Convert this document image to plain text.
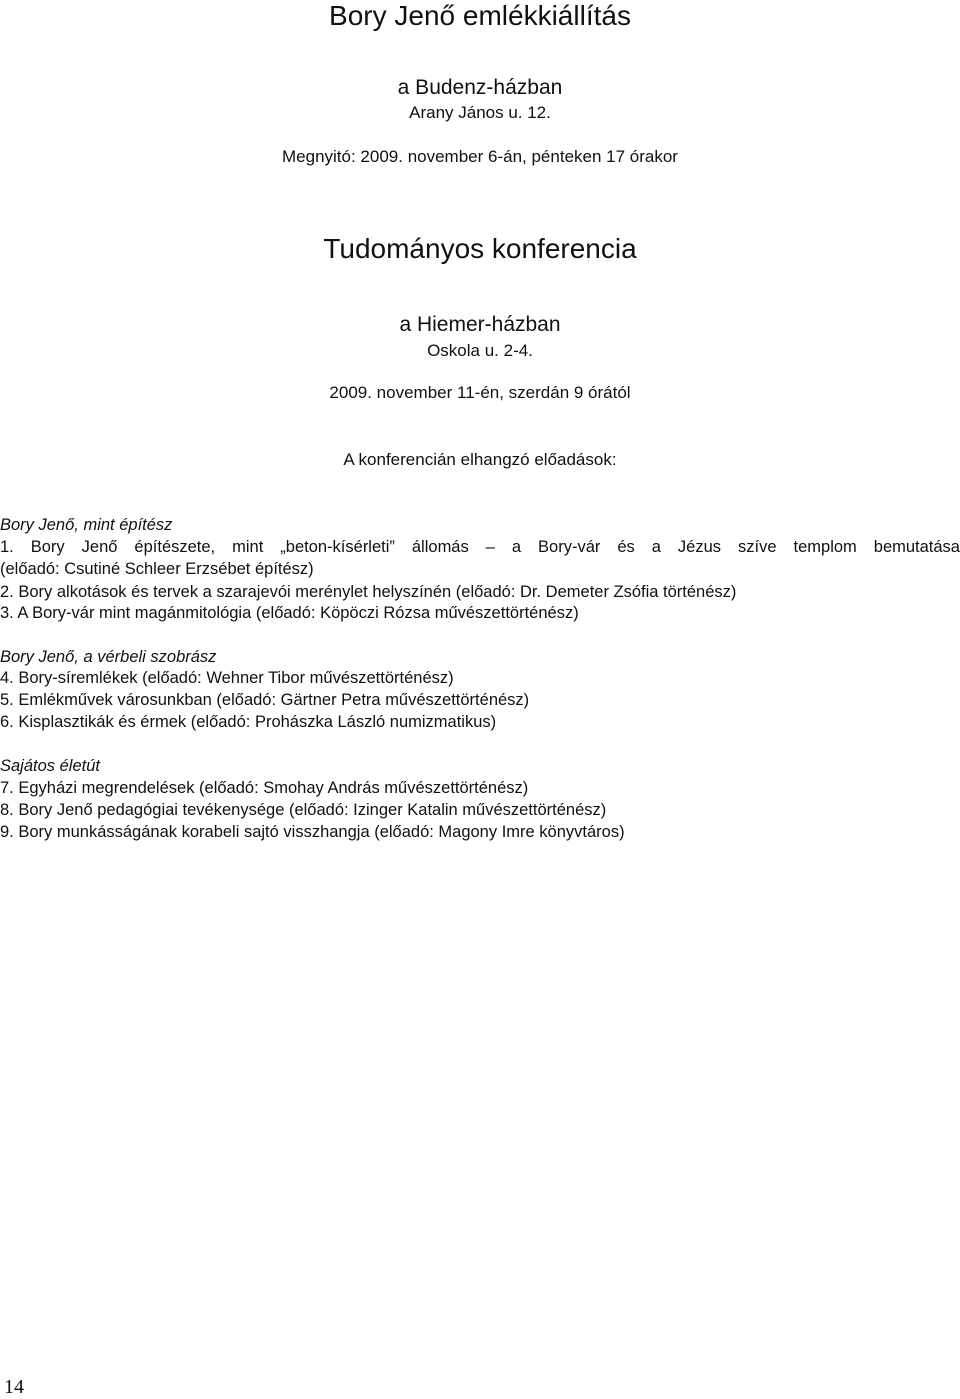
Bory Jenő emlékkiállítás
a Budenz-házban
Arany János u. 12.
Megnyitó: 2009. november 6-án, pénteken 17 órakor
Tudományos konferencia
a Hiemer-házban
Oskola u. 2-4.
2009. november 11-én, szerdán 9 órától
A konferencián elhangzó előadások:
Bory Jenő, mint építész
1. Bory Jenő építészete, mint „beton-kísérleti” állomás – a Bory-vár és a Jézus szíve templom bemutatása
(előadó: Csutiné Schleer Erzsébet építész)
2. Bory alkotások és tervek a szarajevói merénylet helyszínén (előadó: Dr. Demeter Zsófia történész)
3. A Bory-vár mint magánmitológia (előadó: Köpöczi Rózsa művészettörténész)
Bory Jenő, a vérbeli szobrász
4. Bory-síremlékek (előadó: Wehner Tibor művészettörténész)
5. Emlékművek városunkban (előadó: Gärtner Petra művészettörténész)
6. Kisplasztikák és érmek (előadó: Prohászka László numizmatikus)
Sajátos életút
7. Egyházi megrendelések (előadó: Smohay András művészettörténész)
8. Bory Jenő pedagógiai tevékenysége (előadó: Izinger Katalin művészettörténész)
9. Bory munkásságának korabeli sajtó visszhangja (előadó: Magony Imre könyvtáros)
14
